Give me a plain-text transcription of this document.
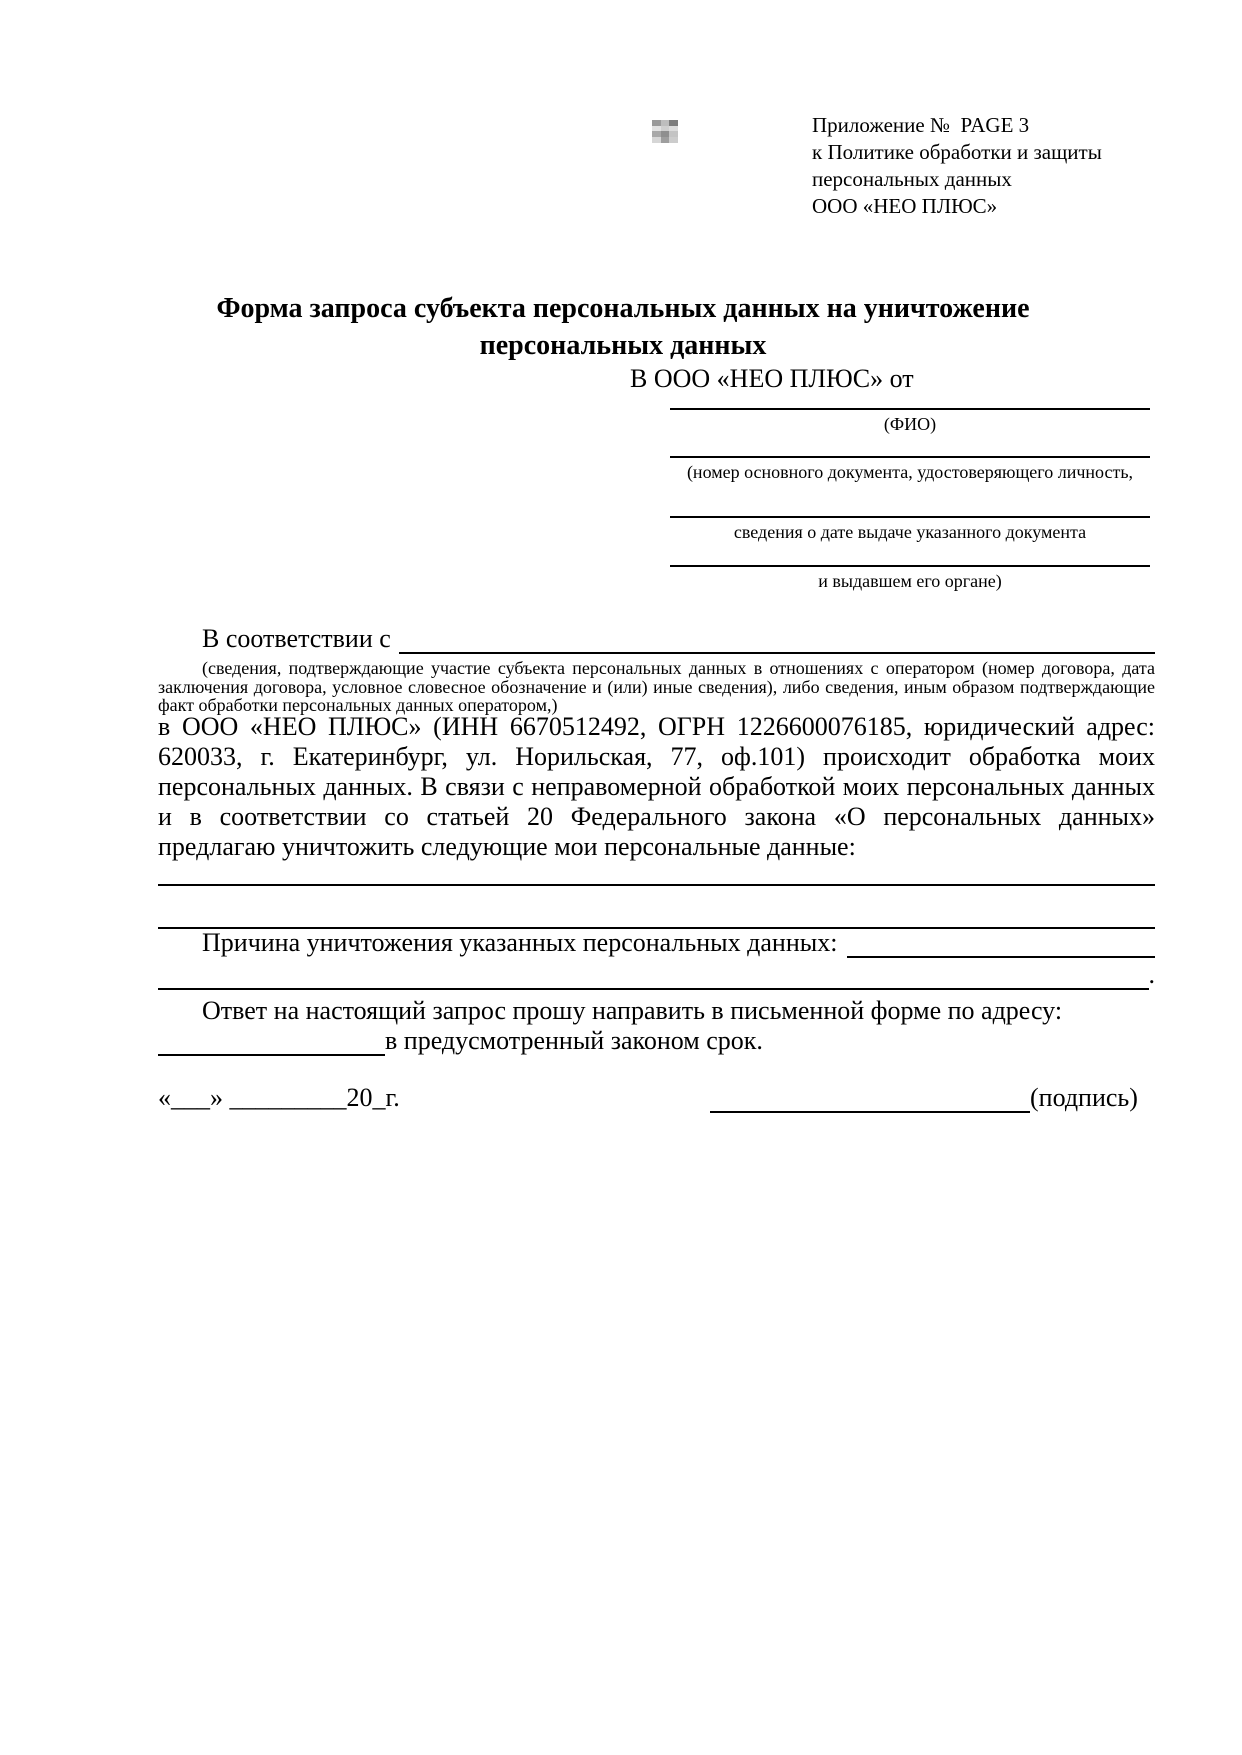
Приложение №  PAGE 3
к Политике обработки и защиты
персональных данных
ООО «НЕО ПЛЮС»
Форма запроса субъекта персональных данных на уничтожение
персональных данных
В ООО «НЕО ПЛЮС» от
(ФИО)
(номер основного документа, удостоверяющего личность,
сведения о дате выдаче указанного документа
и выдавшем его органе)
В соответствии с
(сведения, подтверждающие участие субъекта персональных данных в отношениях с оператором (номер договора, дата заключения договора, условное словесное обозначение и (или) иные сведения), либо сведения, иным образом подтверждающие факт обработки персональных данных оператором,)
в ООО «НЕО ПЛЮС» (ИНН 6670512492, ОГРН 1226600076185, юридический адрес: 620033, г. Екатеринбург, ул. Норильская, 77, оф.101) происходит обработка моих персональных данных. В связи с неправомерной обработкой моих персональных данных и в соответствии со статьей 20 Федерального закона «О персональных данных» предлагаю уничтожить следующие мои персональные данные:
Причина уничтожения указанных персональных данных:
.
Ответ на настоящий запрос прошу направить в письменной форме по адресу:
в предусмотренный законом срок.
«___» _________20_г.	(подпись)
